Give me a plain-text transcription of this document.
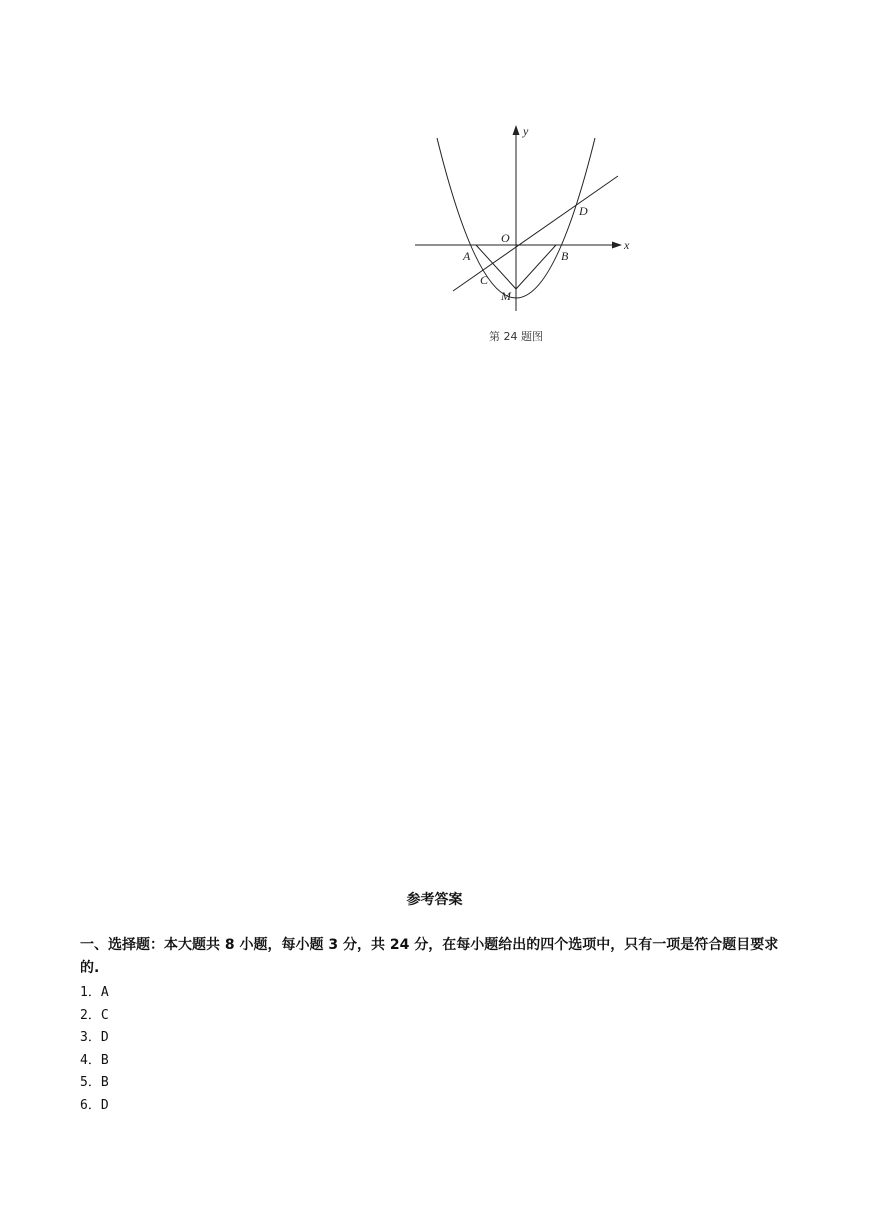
y
x
O
A	B
C
D
M
第 24 题图
参考答案

一、选择题：本大题共 8 小题，每小题 3 分，共 24 分，在每小题给出的四个选项中，只有一项是符合题目要求的.

1．A
2．C
3．D
4．B
5．B
6．D
